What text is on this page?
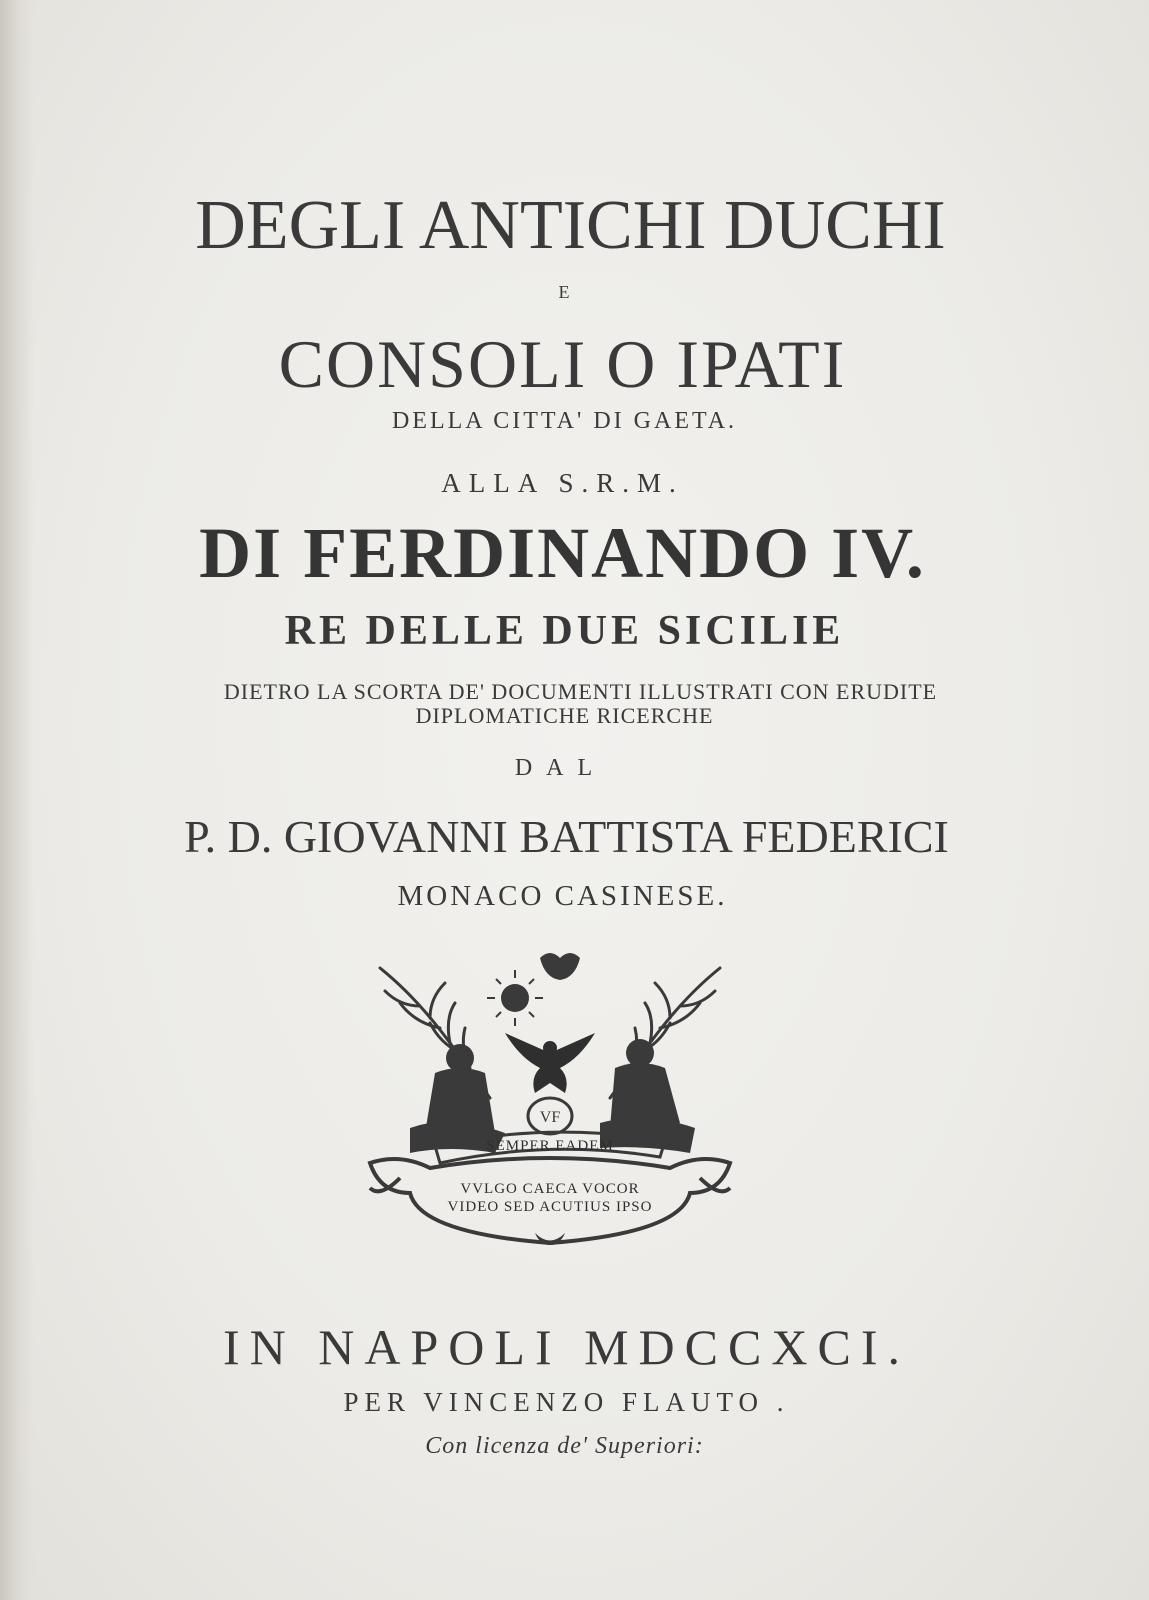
DEGLI ANTICHI DUCHI
E
CONSOLI O IPATI
DELLA CITTA' DI GAETA.
ALLA S.R.M.
DI FERDINANDO IV.
RE DELLE DUE SICILIE
DIETRO LA SCORTA DE' DOCUMENTI ILLUSTRATI CON ERUDITE
DIPLOMATICHE RICERCHE
DAL
P. D. GIOVANNI BATTISTA FEDERICI
MONACO CASINESE.
VF
SEMPER EADEM
VVLGO CAECA VOCOR
VIDEO SED ACUTIUS IPSO
IN NAPOLI MDCCXCI.
PER VINCENZO FLAUTO .
Con licenza de' Superiori:
